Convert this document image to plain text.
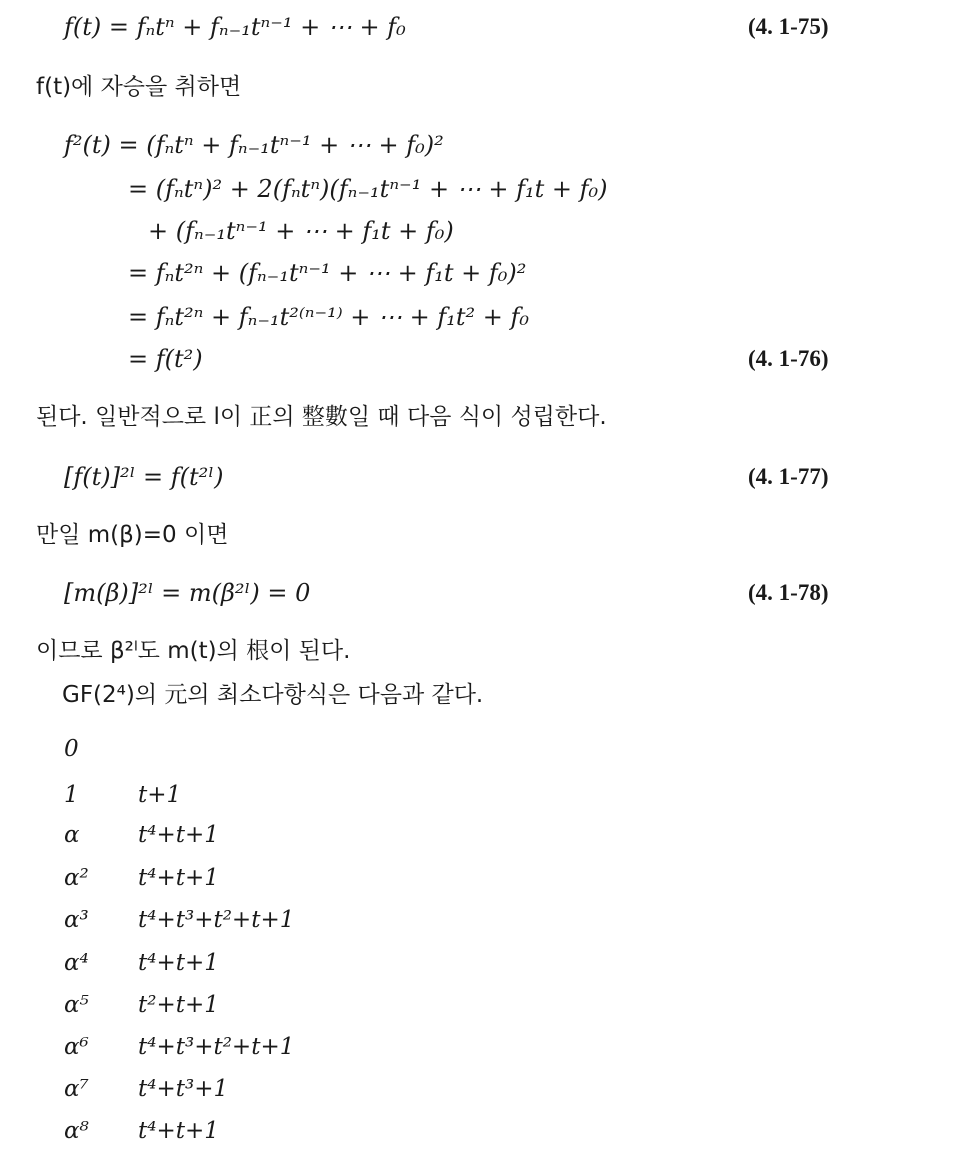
f(t) = fₙtⁿ + fₙ₋₁tⁿ⁻¹ + ⋯ + f₀	(4. 1-75)
f(t)에 자승을 취하면
f²(t) = (fₙtⁿ + fₙ₋₁tⁿ⁻¹ + ⋯ + f₀)²
= (fₙtⁿ)² + 2(fₙtⁿ)(fₙ₋₁tⁿ⁻¹ + ⋯ + f₁t + f₀)
+ (fₙ₋₁tⁿ⁻¹ + ⋯ + f₁t + f₀)
= fₙt²ⁿ + (fₙ₋₁tⁿ⁻¹ + ⋯ + f₁t + f₀)²
= fₙt²ⁿ + fₙ₋₁t²⁽ⁿ⁻¹⁾ + ⋯ + f₁t² + f₀
= f(t²)	(4. 1-76)
된다. 일반적으로 l이 正의 整數일 때 다음 식이 성립한다.
[f(t)]²ˡ = f(t²ˡ)	(4. 1-77)
만일 m(β)=0 이면
[m(β)]²ˡ = m(β²ˡ) = 0	(4. 1-78)
이므로 β²ˡ도 m(t)의 根이 된다.
GF(2⁴)의 元의 최소다항식은 다음과 같다.
0
1	t+1
α	t⁴+t+1
α² t⁴+t+1
α³ t⁴+t³+t²+t+1
α⁴ t⁴+t+1
α⁵ t²+t+1
α⁶ t⁴+t³+t²+t+1
α⁷ t⁴+t³+1
α⁸ t⁴+t+1
